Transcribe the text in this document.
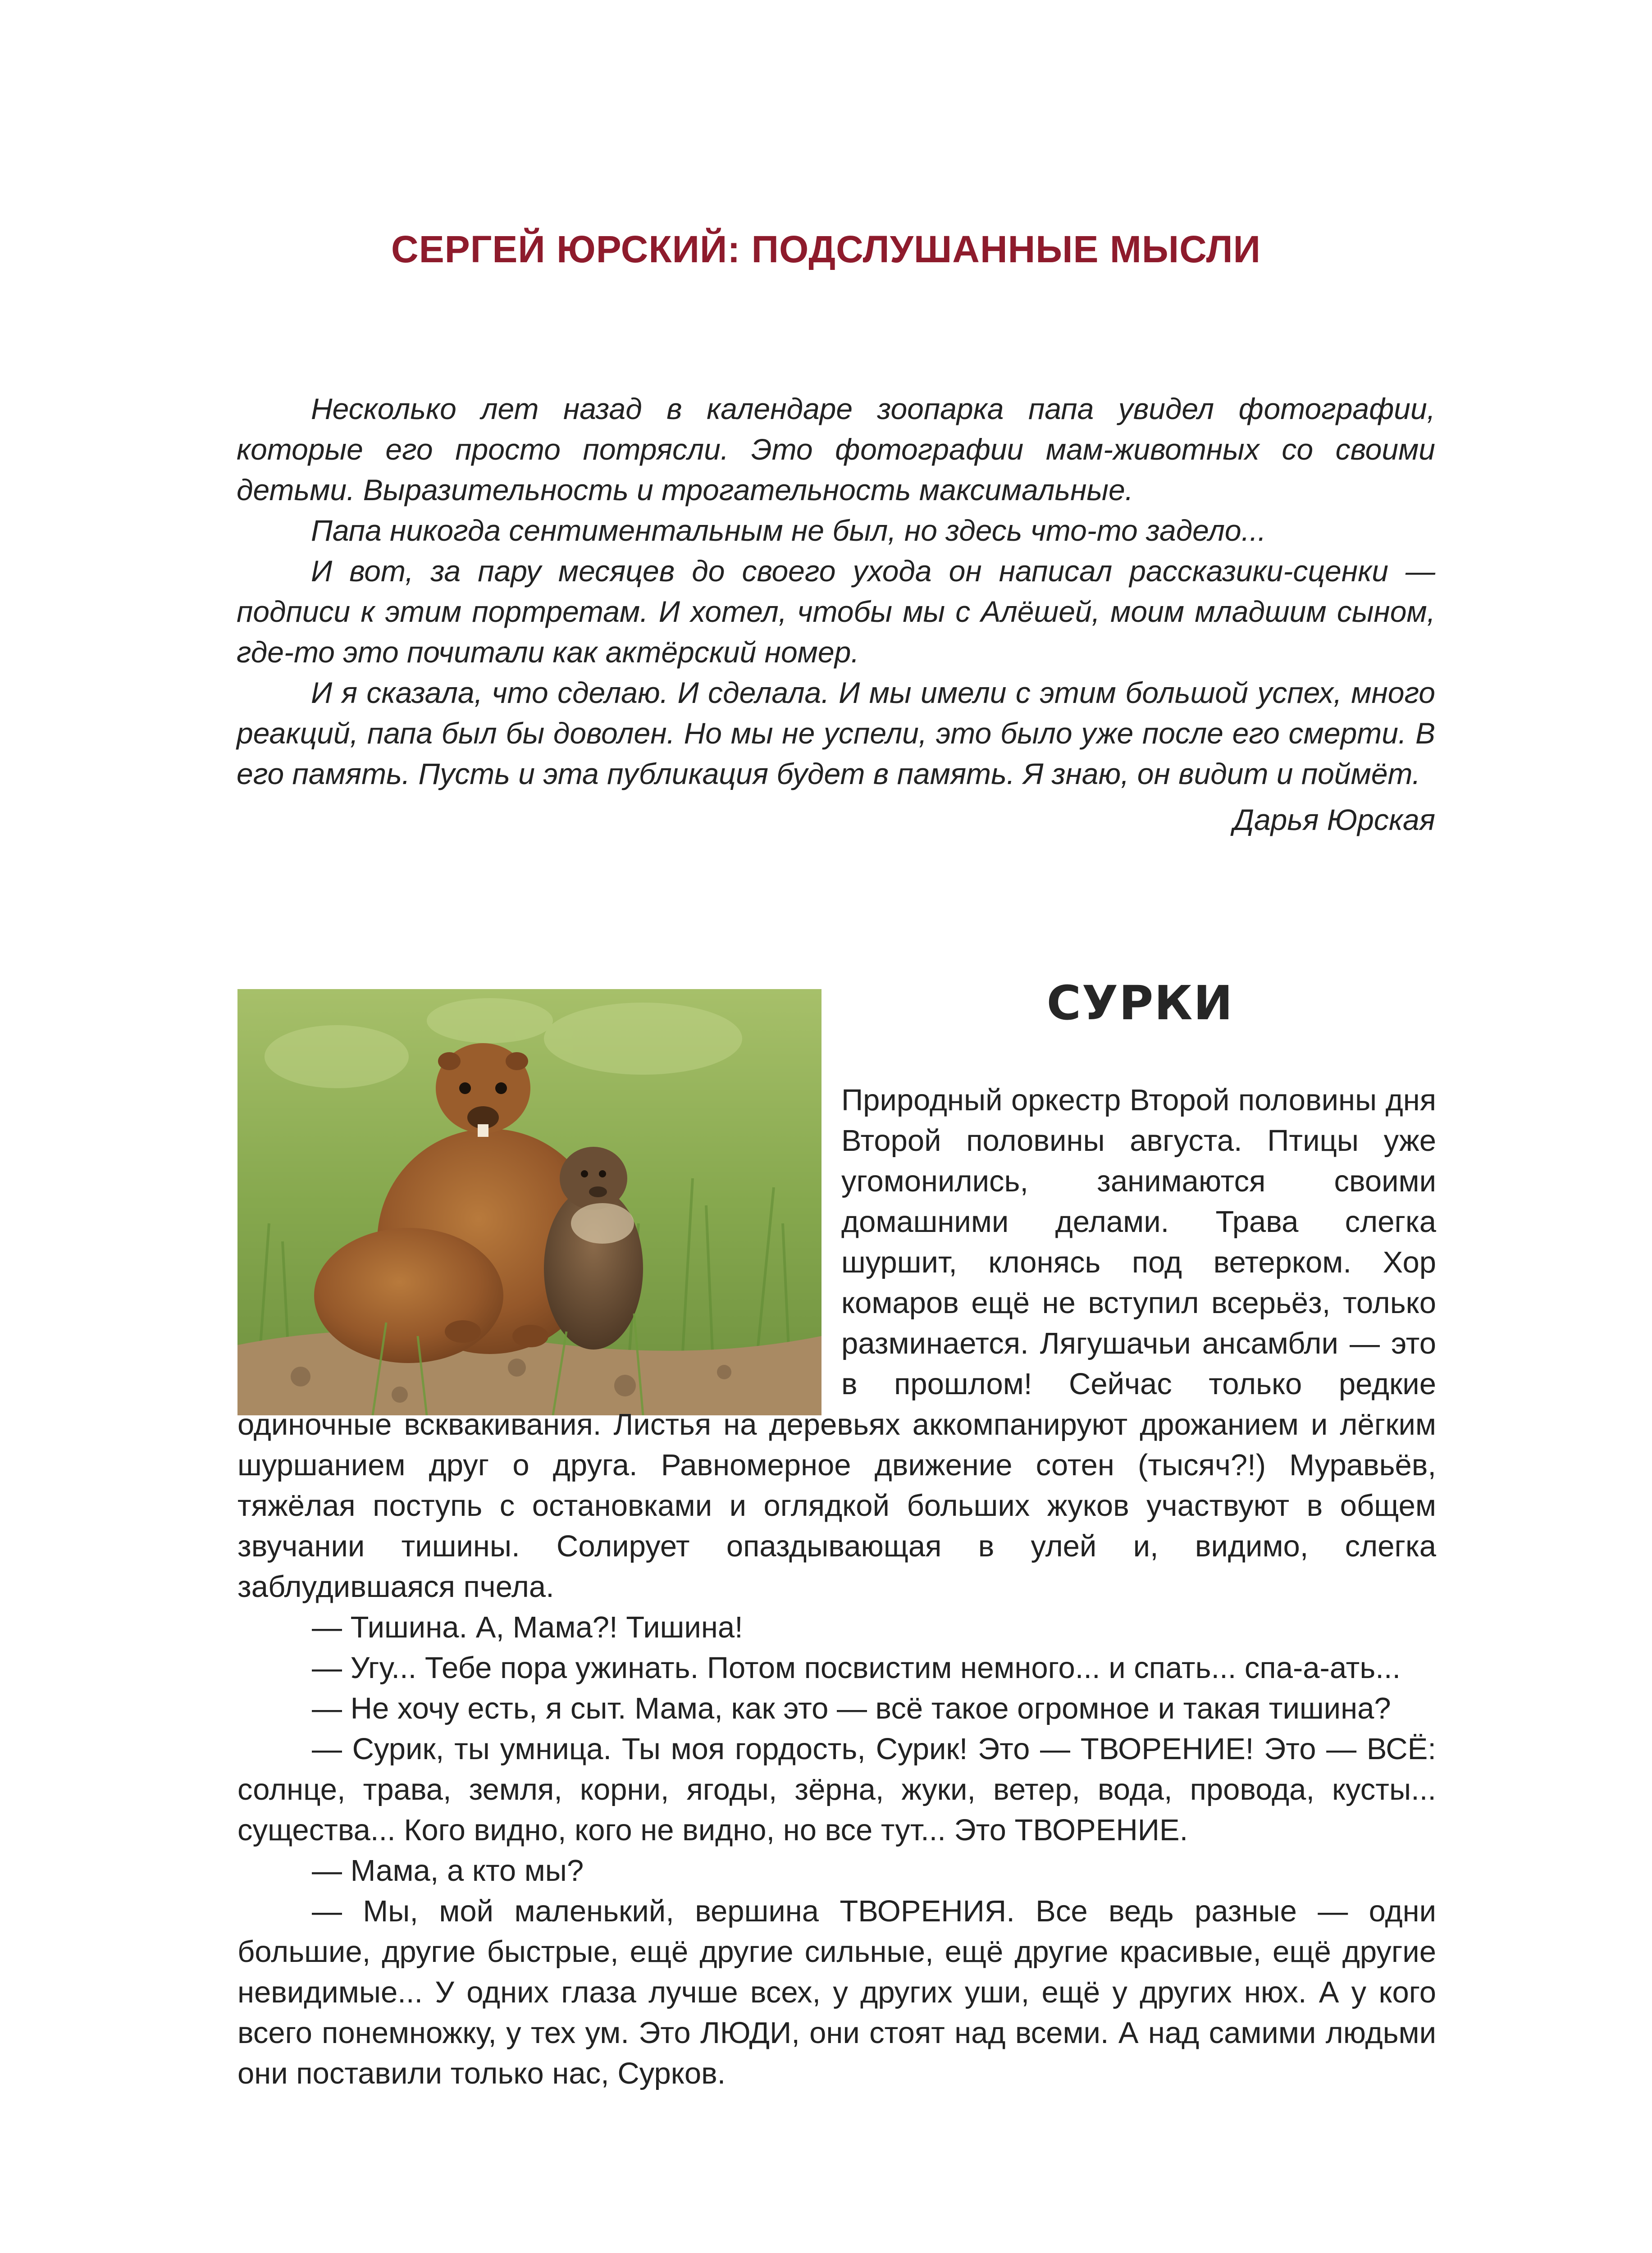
СЕРГЕЙ ЮРСКИЙ: ПОДСЛУШАННЫЕ МЫСЛИ

Несколько лет назад в календаре зоопарка папа увидел фотографии, которые его просто потрясли. Это фотографии мам-животных со своими детьми. Выразительность и трогательность максимальные.

Папа никогда сентиментальным не был, но здесь что-то задело...

И вот, за пару месяцев до своего ухода он написал рассказики-сценки — подписи к этим портретам. И хотел, чтобы мы с Алёшей, моим младшим сыном, где-то это почитали как актёрский номер.

И я сказала, что сделаю. И сделала. И мы имели с этим большой успех, много реакций, папа был бы доволен. Но мы не успели, это было уже после его смерти. В его память. Пусть и эта публикация будет в память. Я знаю, он видит и поймёт.

Дарья Юрская

СУРКИ

Природный оркестр Второй половины дня Второй половины августа. Птицы уже угомонились, занимаются своими домашними делами. Трава слегка шуршит, клонясь под ветерком. Хор комаров ещё не вступил всерьёз, только разминается. Лягушачьи ансамбли — это в прошлом! Сейчас только редкие одиночные всквакивания. Листья на деревьях аккомпанируют дрожанием и лёгким шуршанием друг о друга. Равномерное движение сотен (тысяч?!) Муравьёв, тяжёлая поступь с остановками и оглядкой больших жуков участвуют в общем звучании тишины. Солирует опаздывающая в улей и, видимо, слегка заблудившаяся пчела.

— Тишина. А, Мама?! Тишина!

— Угу... Тебе пора ужинать. Потом посвистим немного... и спать... спа-а-ать...

— Не хочу есть, я сыт. Мама, как это — всё такое огромное и такая тишина?

— Сурик, ты умница. Ты моя гордость, Сурик! Это — ТВОРЕНИЕ! Это — ВСЁ: солнце, трава, земля, корни, ягоды, зёрна, жуки, ветер, вода, провода, кусты... существа... Кого видно, кого не видно, но все тут... Это ТВОРЕНИЕ.

— Мама, а кто мы?

— Мы, мой маленький, вершина ТВОРЕНИЯ. Все ведь разные — одни большие, другие быстрые, ещё другие сильные, ещё другие красивые, ещё другие невидимые... У одних глаза лучше всех, у других уши, ещё у других нюх. А у кого всего понемножку, у тех ум. Это ЛЮДИ, они стоят над всеми. А над самими людьми они поставили только нас, Сурков.
